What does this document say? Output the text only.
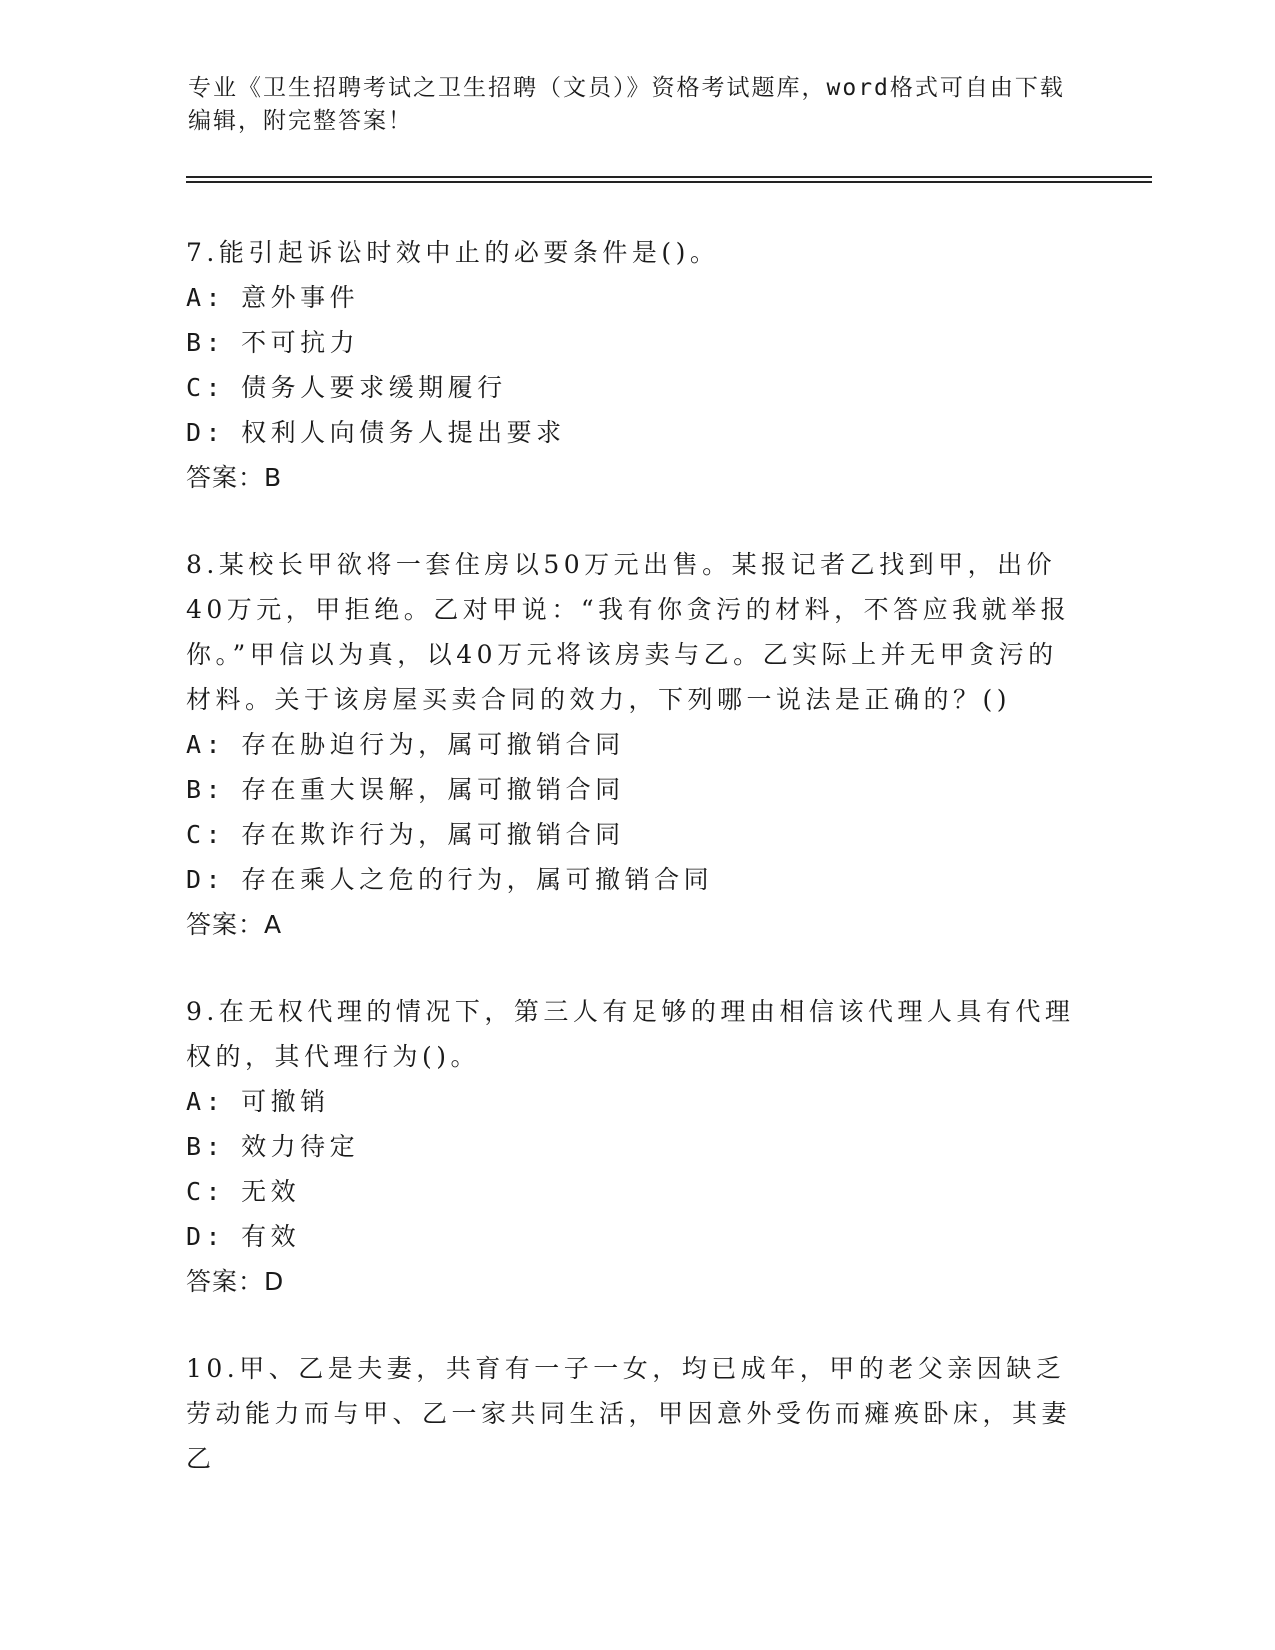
专业《卫生招聘考试之卫生招聘（文员）》资格考试题库，word格式可自由下载
编辑，附完整答案！

7.能引起诉讼时效中止的必要条件是()。

A: 意外事件
B: 不可抗力
C: 债务人要求缓期履行
D: 权利人向债务人提出要求
答案：B

8.某校长甲欲将一套住房以50万元出售。某报记者乙找到甲，出价40万元，甲拒绝。乙对甲说：“我有你贪污的材料，不答应我就举报你。”甲信以为真，以40万元将该房卖与乙。乙实际上并无甲贪污的材料。关于该房屋买卖合同的效力，下列哪一说法是正确的？()

A: 存在胁迫行为，属可撤销合同
B: 存在重大误解，属可撤销合同
C: 存在欺诈行为，属可撤销合同
D: 存在乘人之危的行为，属可撤销合同
答案：A

9.在无权代理的情况下，第三人有足够的理由相信该代理人具有代理权的，其代理行为()。

A: 可撤销
B: 效力待定
C: 无效
D: 有效
答案：D

10.甲、乙是夫妻，共育有一子一女，均已成年，甲的老父亲因缺乏劳动能力而与甲、乙一家共同生活，甲因意外受伤而瘫痪卧床，其妻乙
